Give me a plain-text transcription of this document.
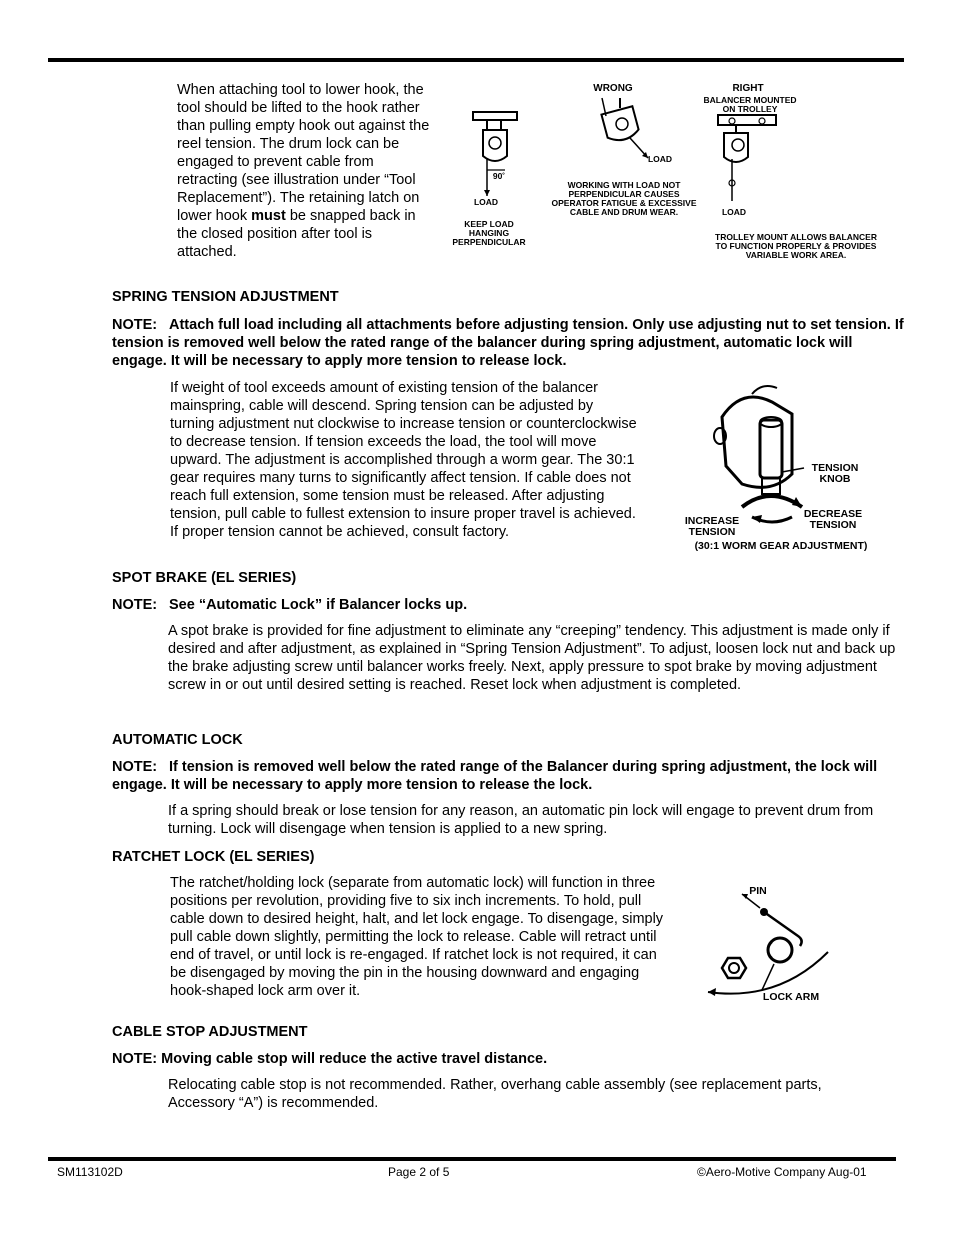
When attaching tool to lower hook, the tool should be lifted to the hook rather than pulling empty hook out against the reel tension. The drum lock can be engaged to prevent cable from retracting (see illustration under “Tool Replacement”). The retaining latch on lower hook must be snapped back in the closed position after tool is attached.

90˚
LOAD
KEEP LOAD HANGING PERPENDICULAR
WRONG
LOAD
WORKING WITH LOAD NOT PERPENDICULAR CAUSES OPERATOR FATIGUE & EXCESSIVE CABLE AND DRUM WEAR.
RIGHT
BALANCER MOUNTED ON TROLLEY
LOAD
TROLLEY MOUNT ALLOWS BALANCER TO FUNCTION PROPERLY & PROVIDES VARIABLE WORK AREA.
SPRING TENSION ADJUSTMENT
NOTE: Attach full load including all attachments before adjusting tension. Only use adjusting nut to set tension. If tension is removed well below the rated range of the balancer during spring adjustment, automatic lock will engage. It will be necessary to apply more tension to release lock.

If weight of tool exceeds amount of existing tension of the balancer mainspring, cable will descend. Spring tension can be adjusted by turning adjustment nut clockwise to increase tension or counterclockwise to decrease tension. If tension exceeds the load, the tool will move upward. The adjustment is accomplished through a worm gear. The 30:1 gear requires many turns to significantly affect tension. If cable does not reach full extension, some tension must be released. After adjusting tension, pull cable to fullest extension to insure proper travel is achieved. If proper tension cannot be achieved, consult factory.

TENSION KNOB
INCREASE TENSION
DECREASE TENSION
(30:1 WORM GEAR ADJUSTMENT)
SPOT BRAKE (EL SERIES)
NOTE: See “Automatic Lock” if Balancer locks up.

A spot brake is provided for fine adjustment to eliminate any “creeping” tendency. This adjustment is made only if desired and after adjustment, as explained in “Spring Tension Adjustment”. To adjust, loosen lock nut and back up the brake adjusting screw until balancer works freely. Next, apply pressure to spot brake by moving adjustment screw in or out until desired setting is reached. Reset lock when adjustment is completed.

AUTOMATIC LOCK
NOTE: If tension is removed well below the rated range of the Balancer during spring adjustment, the lock will engage. It will be necessary to apply more tension to release the lock.

If a spring should break or lose tension for any reason, an automatic pin lock will engage to prevent drum from turning. Lock will disengage when tension is applied to a new spring.

RATCHET LOCK (EL SERIES)

The ratchet/holding lock (separate from automatic lock) will function in three positions per revolution, providing five to six inch increments. To hold, pull cable down to desired height, halt, and let lock engage. To disengage, simply pull cable down slightly, permitting the lock to release. Cable will retract until end of travel, or until lock is re-engaged. If ratchet lock is not required, it can be disengaged by moving the pin in the housing downward and engaging hook-shaped lock arm over it.

PIN
LOCK ARM
CABLE STOP ADJUSTMENT
NOTE: Moving cable stop will reduce the active travel distance.

Relocating cable stop is not recommended. Rather, overhang cable assembly (see replacement parts, Accessory “A”) is recommended.

SM113102D	Page 2 of 5	©Aero-Motive Company Aug-01
